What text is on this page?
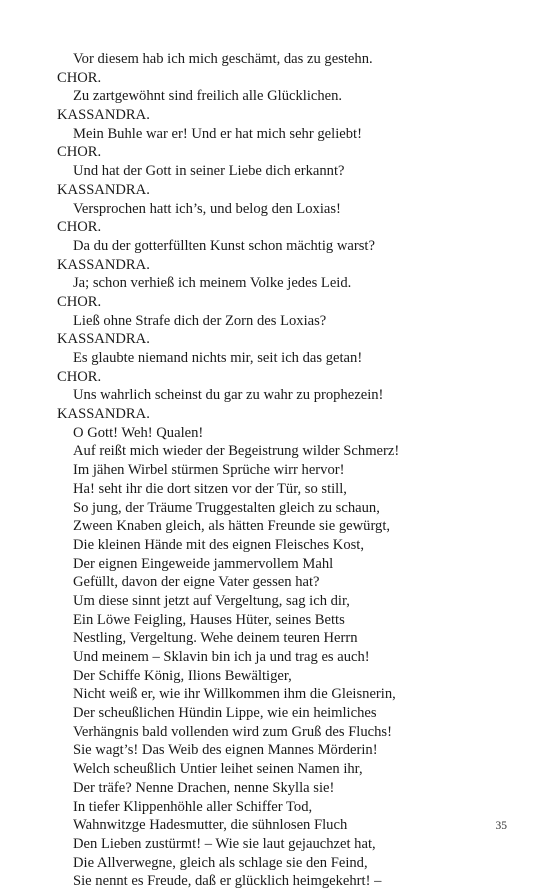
Vor diesem hab ich mich geschämt, das zu gestehn.
CHOR.
Zu zartgewöhnt sind freilich alle Glücklichen.
KASSANDRA.
Mein Buhle war er! Und er hat mich sehr geliebt!
CHOR.
Und hat der Gott in seiner Liebe dich erkannt?
KASSANDRA.
Versprochen hatt ich’s, und belog den Loxias!
CHOR.
Da du der gotterfüllten Kunst schon mächtig warst?
KASSANDRA.
Ja; schon verhieß ich meinem Volke jedes Leid.
CHOR.
Ließ ohne Strafe dich der Zorn des Loxias?
KASSANDRA.
Es glaubte niemand nichts mir, seit ich das getan!
CHOR.
Uns wahrlich scheinst du gar zu wahr zu prophezein!
KASSANDRA.
O Gott! Weh! Qualen!
Auf reißt mich wieder der Begeistrung wilder Schmerz!
Im jähen Wirbel stürmen Sprüche wirr hervor!
Ha! seht ihr die dort sitzen vor der Tür, so still,
So jung, der Träume Truggestalten gleich zu schaun,
Zween Knaben gleich, als hätten Freunde sie gewürgt,
Die kleinen Hände mit des eignen Fleisches Kost,
Der eignen Eingeweide jammervollem Mahl
Gefüllt, davon der eigne Vater gessen hat?
Um diese sinnt jetzt auf Vergeltung, sag ich dir,
Ein Löwe Feigling, Hauses Hüter, seines Betts
Nestling, Vergeltung. Wehe deinem teuren Herrn
Und meinem – Sklavin bin ich ja und trag es auch!
Der Schiffe König, Ilions Bewältiger,
Nicht weiß er, wie ihr Willkommen ihm die Gleisnerin,
Der scheußlichen Hündin Lippe, wie ein heimliches
Verhängnis bald vollenden wird zum Gruß des Fluchs!
Sie wagt’s! Das Weib des eignen Mannes Mörderin!
Welch scheußlich Untier leihet seinen Namen ihr,
Der träfe? Nenne Drachen, nenne Skylla sie!
In tiefer Klippenhöhle aller Schiffer Tod,
Wahnwitzge Hadesmutter, die sühnlosen Fluch
Den Lieben zustürmt! – Wie sie laut gejauchzet hat,
Die Allverwegne, gleich als schlage sie den Feind,
Sie nennt es Freude, daß er glücklich heimgekehrt! –
35
